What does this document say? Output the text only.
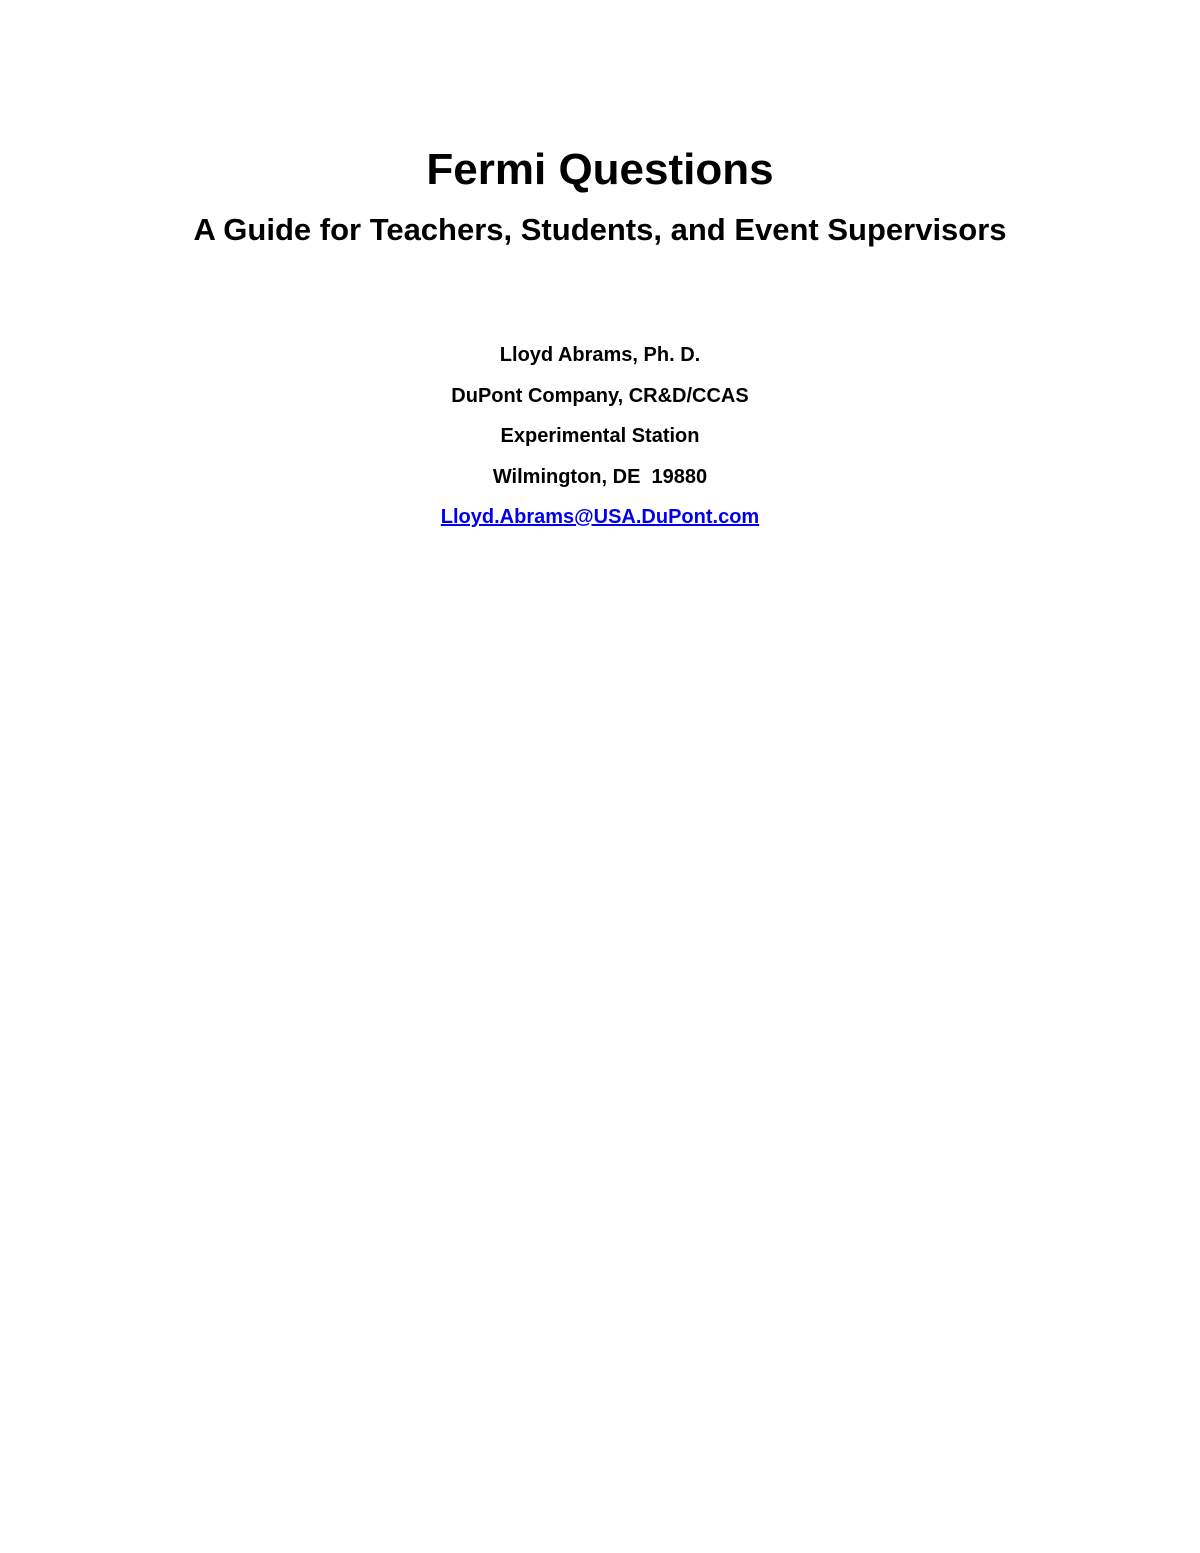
Fermi Questions
A Guide for Teachers, Students, and Event Supervisors
Lloyd Abrams, Ph. D.
DuPont Company, CR&D/CCAS
Experimental Station
Wilmington, DE  19880
Lloyd.Abrams@USA.DuPont.com
